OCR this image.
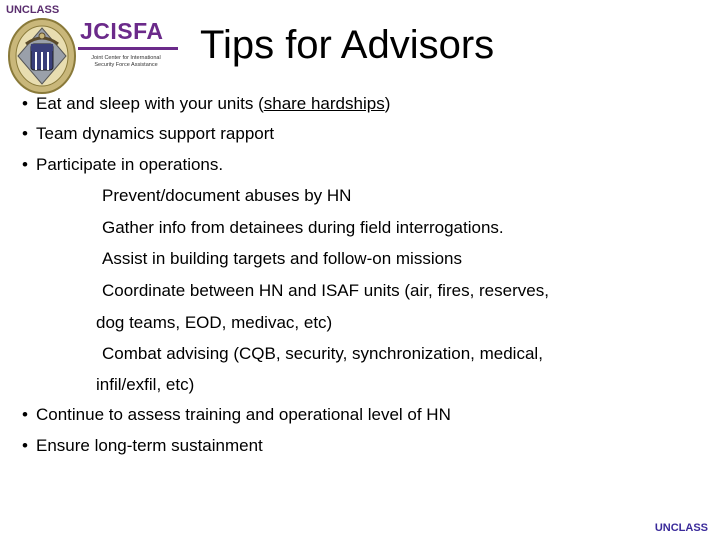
UNCLASS
JCISFA
Joint Center for International Security Force Assistance	Tips for Advisors
• Eat and sleep with your units (share hardships)
• Team dynamics support rapport
• Participate in operations.
Prevent/document abuses by HN
Gather info from detainees during field interrogations.
Assist in building targets and follow-on missions
Coordinate between HN and ISAF units (air, fires, reserves,
dog teams, EOD, medivac, etc)
Combat advising (CQB, security, synchronization, medical,
infil/exfil, etc)
• Continue to assess training and operational level of HN
• Ensure long-term sustainment
UNCLASS
